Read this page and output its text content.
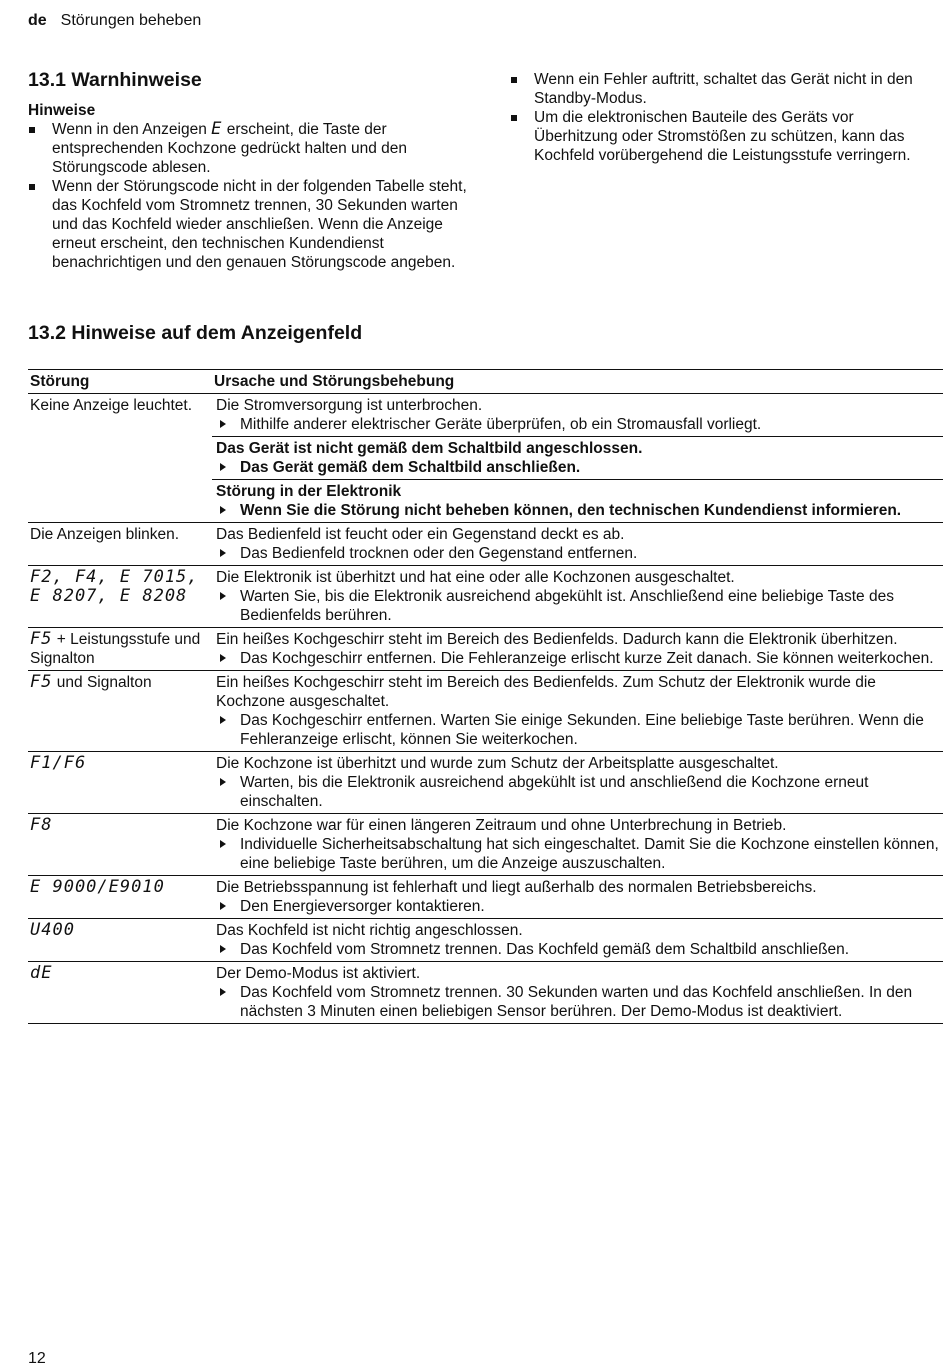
de Störungen beheben
13.1 Warnhinweise
Hinweise
Wenn in den Anzeigen E erscheint, die Taste der entsprechenden Kochzone gedrückt halten und den Störungscode ablesen.
Wenn der Störungscode nicht in der folgenden Tabelle steht, das Kochfeld vom Stromnetz trennen, 30 Sekunden warten und das Kochfeld wieder anschließen. Wenn die Anzeige erneut erscheint, den technischen Kundendienst benachrichtigen und den genauen Störungscode angeben.
Wenn ein Fehler auftritt, schaltet das Gerät nicht in den Standby-Modus.
Um die elektronischen Bauteile des Geräts vor Überhitzung oder Stromstößen zu schützen, kann das Kochfeld vorübergehend die Leistungsstufe verringern.
13.2 Hinweise auf dem Anzeigenfeld
Störung	Ursache und Störungsbehebung
Keine Anzeige leuchtet.	Die Stromversorgung ist unterbrochen.
Mithilfe anderer elektrischer Geräte überprüfen, ob ein Stromausfall vorliegt.

	Das Gerät ist nicht gemäß dem Schaltbild angeschlossen.
Das Gerät gemäß dem Schaltbild anschließen.

	Störung in der Elektronik
Wenn Sie die Störung nicht beheben können, den technischen Kundendienst informieren.

Die Anzeigen blinken.	Das Bedienfeld ist feucht oder ein Gegenstand deckt es ab.
Das Bedienfeld trocknen oder den Gegenstand entfernen.

F2, F4, E 7015, E 8207, E 8208	Die Elektronik ist überhitzt und hat eine oder alle Kochzonen ausgeschaltet.
Warten Sie, bis die Elektronik ausreichend abgekühlt ist. Anschließend eine beliebige Taste des Bedienfelds berühren.

F5 + Leistungsstufe und Signalton	Ein heißes Kochgeschirr steht im Bereich des Bedienfelds. Dadurch kann die Elektronik überhitzen.
Das Kochgeschirr entfernen. Die Fehleranzeige erlischt kurze Zeit danach. Sie können weiterkochen.

F5 und Signalton	Ein heißes Kochgeschirr steht im Bereich des Bedienfelds. Zum Schutz der Elektronik wurde die Kochzone ausgeschaltet.
Das Kochgeschirr entfernen. Warten Sie einige Sekunden. Eine beliebige Taste berühren. Wenn die Fehleranzeige erlischt, können Sie weiterkochen.

F1/F6	Die Kochzone ist überhitzt und wurde zum Schutz der Arbeitsplatte ausgeschaltet.
Warten, bis die Elektronik ausreichend abgekühlt ist und anschließend die Kochzone erneut einschalten.

F8	Die Kochzone war für einen längeren Zeitraum und ohne Unterbrechung in Betrieb.
Individuelle Sicherheitsabschaltung hat sich eingeschaltet. Damit Sie die Kochzone einstellen können, eine beliebige Taste berühren, um die Anzeige auszuschalten.

E 9000/E9010	Die Betriebsspannung ist fehlerhaft und liegt außerhalb des normalen Betriebsbereichs.
Den Energieversorger kontaktieren.

U400	Das Kochfeld ist nicht richtig angeschlossen.
Das Kochfeld vom Stromnetz trennen. Das Kochfeld gemäß dem Schaltbild anschließen.

dE	Der Demo-Modus ist aktiviert.
Das Kochfeld vom Stromnetz trennen. 30 Sekunden warten und das Kochfeld anschließen. In den nächsten 3 Minuten einen beliebigen Sensor berühren. Der Demo-Modus ist deaktiviert.
12
